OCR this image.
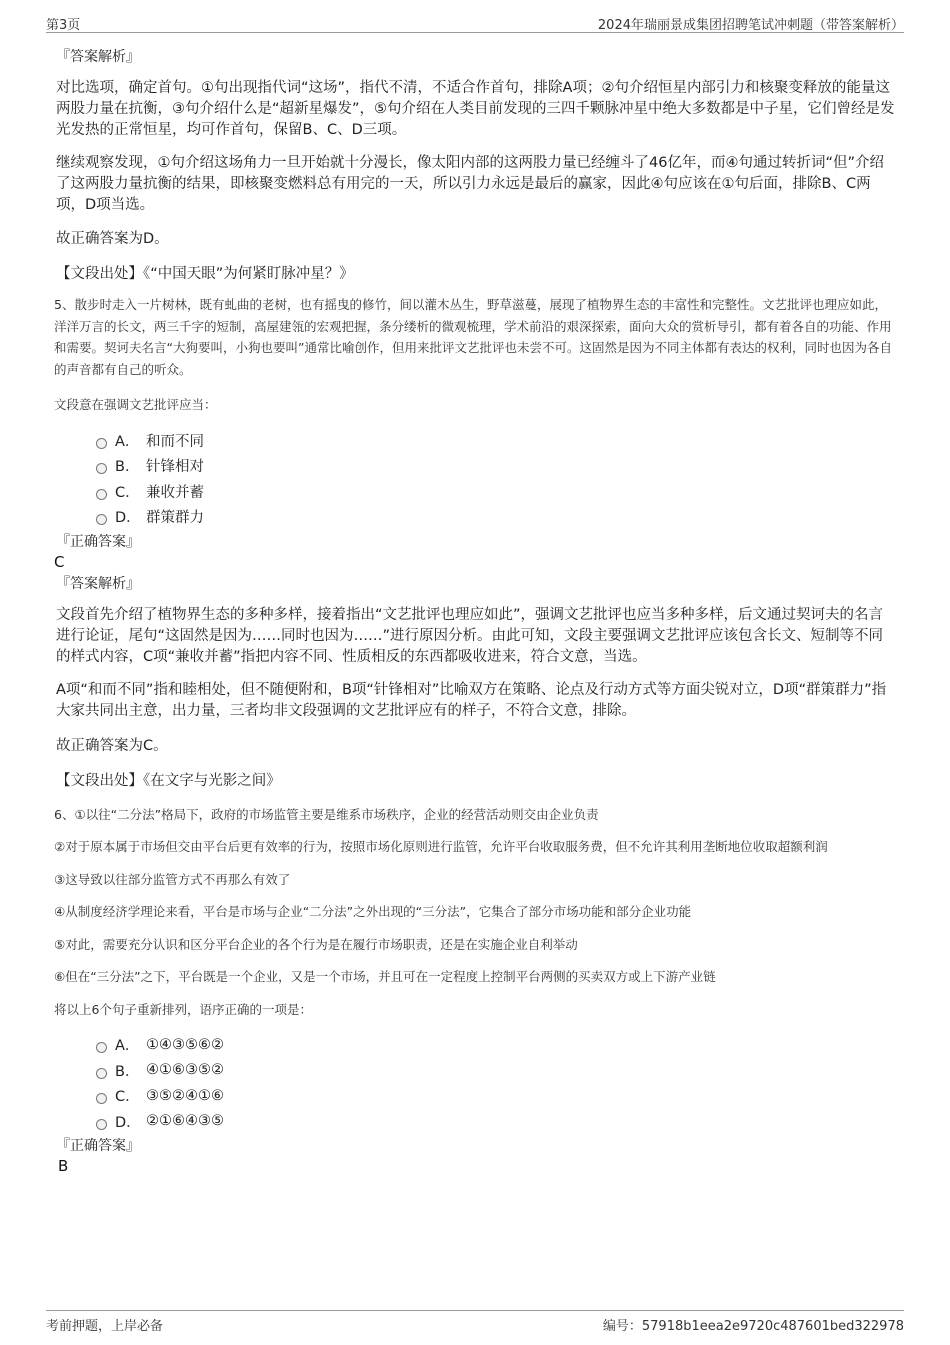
第3页	2024年瑞丽景成集团招聘笔试冲刺题（带答案解析）

『答案解析』

对比选项，确定首句。①句出现指代词“这场”，指代不清，不适合作首句，排除A项；②句介绍恒星内部引力和核聚变释放的能量这两股力量在抗衡，③句介绍什么是“超新星爆发”，⑤句介绍在人类目前发现的三四千颗脉冲星中绝大多数都是中子星，它们曾经是发光发热的正常恒星，均可作首句，保留B、C、D三项。

继续观察发现，①句介绍这场角力一旦开始就十分漫长，像太阳内部的这两股力量已经缠斗了46亿年，而④句通过转折词“但”介绍了这两股力量抗衡的结果，即核聚变燃料总有用完的一天，所以引力永远是最后的赢家，因此④句应该在①句后面，排除B、C两项，D项当选。

故正确答案为D。

【文段出处】《“中国天眼”为何紧盯脉冲星？》

5、散步时走入一片树林，既有虬曲的老树，也有摇曳的修竹，间以灌木丛生，野草滋蔓，展现了植物界生态的丰富性和完整性。文艺批评也理应如此，洋洋万言的长文，两三千字的短制，高屋建瓴的宏观把握，条分缕析的微观梳理，学术前沿的艰深探索，面向大众的赏析导引，都有着各自的功能、作用和需要。契诃夫名言“大狗要叫，小狗也要叫”通常比喻创作，但用来批评文艺批评也未尝不可。这固然是因为不同主体都有表达的权利，同时也因为各自的声音都有自己的听众。

文段意在强调文艺批评应当：

A． 和而不同
B． 针锋相对
C． 兼收并蓄
D． 群策群力

『正确答案』

C

『答案解析』

文段首先介绍了植物界生态的多种多样，接着指出“文艺批评也理应如此”，强调文艺批评也应当多种多样，后文通过契诃夫的名言进行论证，尾句“这固然是因为……同时也因为……”进行原因分析。由此可知，文段主要强调文艺批评应该包含长文、短制等不同的样式内容，C项“兼收并蓄”指把内容不同、性质相反的东西都吸收进来，符合文意，当选。

A项“和而不同”指和睦相处，但不随便附和，B项“针锋相对”比喻双方在策略、论点及行动方式等方面尖锐对立，D项“群策群力”指大家共同出主意，出力量，三者均非文段强调的文艺批评应有的样子，不符合文意，排除。

故正确答案为C。

【文段出处】《在文字与光影之间》

6、①以往“二分法”格局下，政府的市场监管主要是维系市场秩序，企业的经营活动则交由企业负责

②对于原本属于市场但交由平台后更有效率的行为，按照市场化原则进行监管，允许平台收取服务费，但不允许其利用垄断地位收取超额利润

③这导致以往部分监管方式不再那么有效了

④从制度经济学理论来看，平台是市场与企业“二分法”之外出现的“三分法”，它集合了部分市场功能和部分企业功能

⑤对此，需要充分认识和区分平台企业的各个行为是在履行市场职责，还是在实施企业自利举动

⑥但在“三分法”之下，平台既是一个企业，又是一个市场，并且可在一定程度上控制平台两侧的买卖双方或上下游产业链

将以上6个句子重新排列，语序正确的一项是：

A． ①④③⑤⑥②
B． ④①⑥③⑤②
C． ③⑤②④①⑥
D． ②①⑥④③⑤

『正确答案』

B

考前押题，上岸必备	编号：57918b1eea2e9720c487601bed322978
